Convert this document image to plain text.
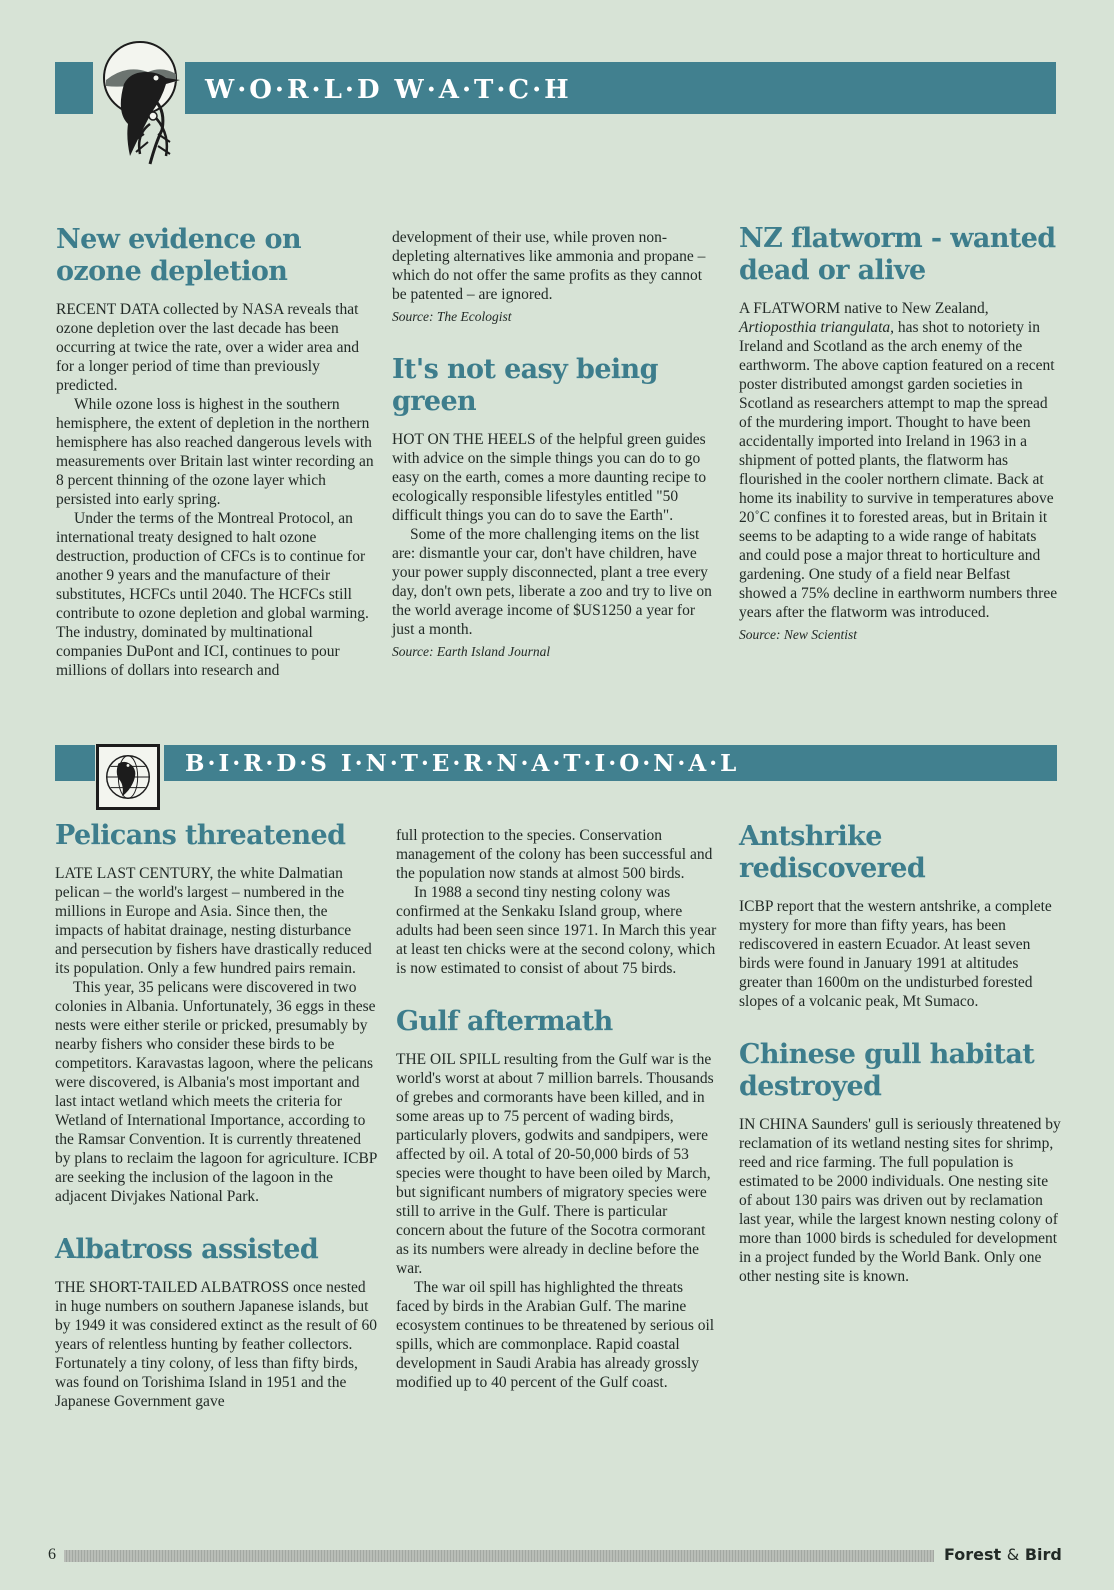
W·O·R·L·D W·A·T·C·H
New evidence on ozone depletion

RECENT DATA collected by NASA reveals that ozone depletion over the last decade has been occurring at twice the rate, over a wider area and for a longer period of time than previously predicted.

While ozone loss is highest in the southern hemisphere, the extent of depletion in the northern hemisphere has also reached dangerous levels with measurements over Britain last winter recording an 8 percent thinning of the ozone layer which persisted into early spring.

Under the terms of the Montreal Protocol, an international treaty designed to halt ozone destruction, production of CFCs is to continue for another 9 years and the manufacture of their substitutes, HCFCs until 2040. The HCFCs still contribute to ozone depletion and global warming. The industry, dominated by multinational companies DuPont and ICI, continues to pour millions of dollars into research and

development of their use, while proven non-depleting alternatives like ammonia and propane – which do not offer the same profits as they cannot be patented – are ignored.

Source: The Ecologist

It's not easy being green

HOT ON THE HEELS of the helpful green guides with advice on the simple things you can do to go easy on the earth, comes a more daunting recipe to ecologically responsible lifestyles entitled "50 difficult things you can do to save the Earth".

Some of the more challenging items on the list are: dismantle your car, don't have children, have your power supply disconnected, plant a tree every day, don't own pets, liberate a zoo and try to live on the world average income of $US1250 a year for just a month.

Source: Earth Island Journal

NZ flatworm - wanted dead or alive

A FLATWORM native to New Zealand, Artioposthia triangulata, has shot to notoriety in Ireland and Scotland as the arch enemy of the earthworm. The above caption featured on a recent poster distributed amongst garden societies in Scotland as researchers attempt to map the spread of the murdering import. Thought to have been accidentally imported into Ireland in 1963 in a shipment of potted plants, the flatworm has flourished in the cooler northern climate. Back at home its inability to survive in temperatures above 20˚C confines it to forested areas, but in Britain it seems to be adapting to a wide range of habitats and could pose a major threat to horticulture and gardening. One study of a field near Belfast showed a 75% decline in earthworm numbers three years after the flatworm was introduced.

Source: New Scientist

B·I·R·D·S I·N·T·E·R·N·A·T·I·O·N·A·L
Pelicans threatened

LATE LAST CENTURY, the white Dalmatian pelican – the world's largest – numbered in the millions in Europe and Asia. Since then, the impacts of habitat drainage, nesting disturbance and persecution by fishers have drastically reduced its population. Only a few hundred pairs remain.

This year, 35 pelicans were discovered in two colonies in Albania. Unfortunately, 36 eggs in these nests were either sterile or pricked, presumably by nearby fishers who consider these birds to be competitors. Karavastas lagoon, where the pelicans were discovered, is Albania's most important and last intact wetland which meets the criteria for Wetland of International Importance, according to the Ramsar Convention. It is currently threatened by plans to reclaim the lagoon for agriculture. ICBP are seeking the inclusion of the lagoon in the adjacent Divjakes National Park.

Albatross assisted

THE SHORT-TAILED ALBATROSS once nested in huge numbers on southern Japanese islands, but by 1949 it was considered extinct as the result of 60 years of relentless hunting by feather collectors. Fortunately a tiny colony, of less than fifty birds, was found on Torishima Island in 1951 and the Japanese Government gave

full protection to the species. Conservation management of the colony has been successful and the population now stands at almost 500 birds.

In 1988 a second tiny nesting colony was confirmed at the Senkaku Island group, where adults had been seen since 1971. In March this year at least ten chicks were at the second colony, which is now estimated to consist of about 75 birds.

Gulf aftermath

THE OIL SPILL resulting from the Gulf war is the world's worst at about 7 million barrels. Thousands of grebes and cormorants have been killed, and in some areas up to 75 percent of wading birds, particularly plovers, godwits and sandpipers, were affected by oil. A total of 20-50,000 birds of 53 species were thought to have been oiled by March, but significant numbers of migratory species were still to arrive in the Gulf. There is particular concern about the future of the Socotra cormorant as its numbers were already in decline before the war.

The war oil spill has highlighted the threats faced by birds in the Arabian Gulf. The marine ecosystem continues to be threatened by serious oil spills, which are commonplace. Rapid coastal development in Saudi Arabia has already grossly modified up to 40 percent of the Gulf coast.

Antshrike rediscovered

ICBP report that the western antshrike, a complete mystery for more than fifty years, has been rediscovered in eastern Ecuador. At least seven birds were found in January 1991 at altitudes greater than 1600m on the undisturbed forested slopes of a volcanic peak, Mt Sumaco.

Chinese gull habitat destroyed

IN CHINA Saunders' gull is seriously threatened by reclamation of its wetland nesting sites for shrimp, reed and rice farming. The full population is estimated to be 2000 individuals. One nesting site of about 130 pairs was driven out by reclamation last year, while the largest known nesting colony of more than 1000 birds is scheduled for development in a project funded by the World Bank. Only one other nesting site is known.

6	Forest & Bird
